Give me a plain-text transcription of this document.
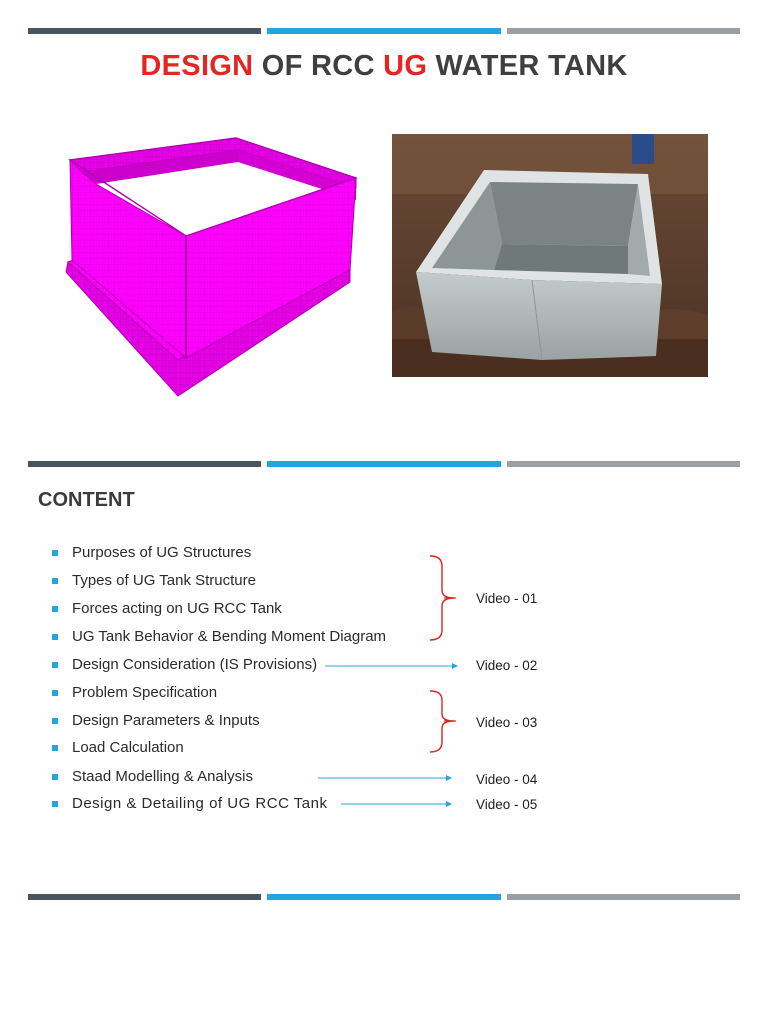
DESIGN OF RCC UG WATER TANK
CONTENT
Purposes of UG Structures
Types of UG Tank Structure
Forces acting on UG RCC Tank
UG Tank Behavior & Bending Moment Diagram
Design Consideration (IS Provisions)
Problem Specification
Design Parameters & Inputs
Load Calculation
Staad Modelling & Analysis
Design & Detailing of UG RCC Tank
Video - 01
Video - 02
Video - 03
Video - 04
Video - 05
